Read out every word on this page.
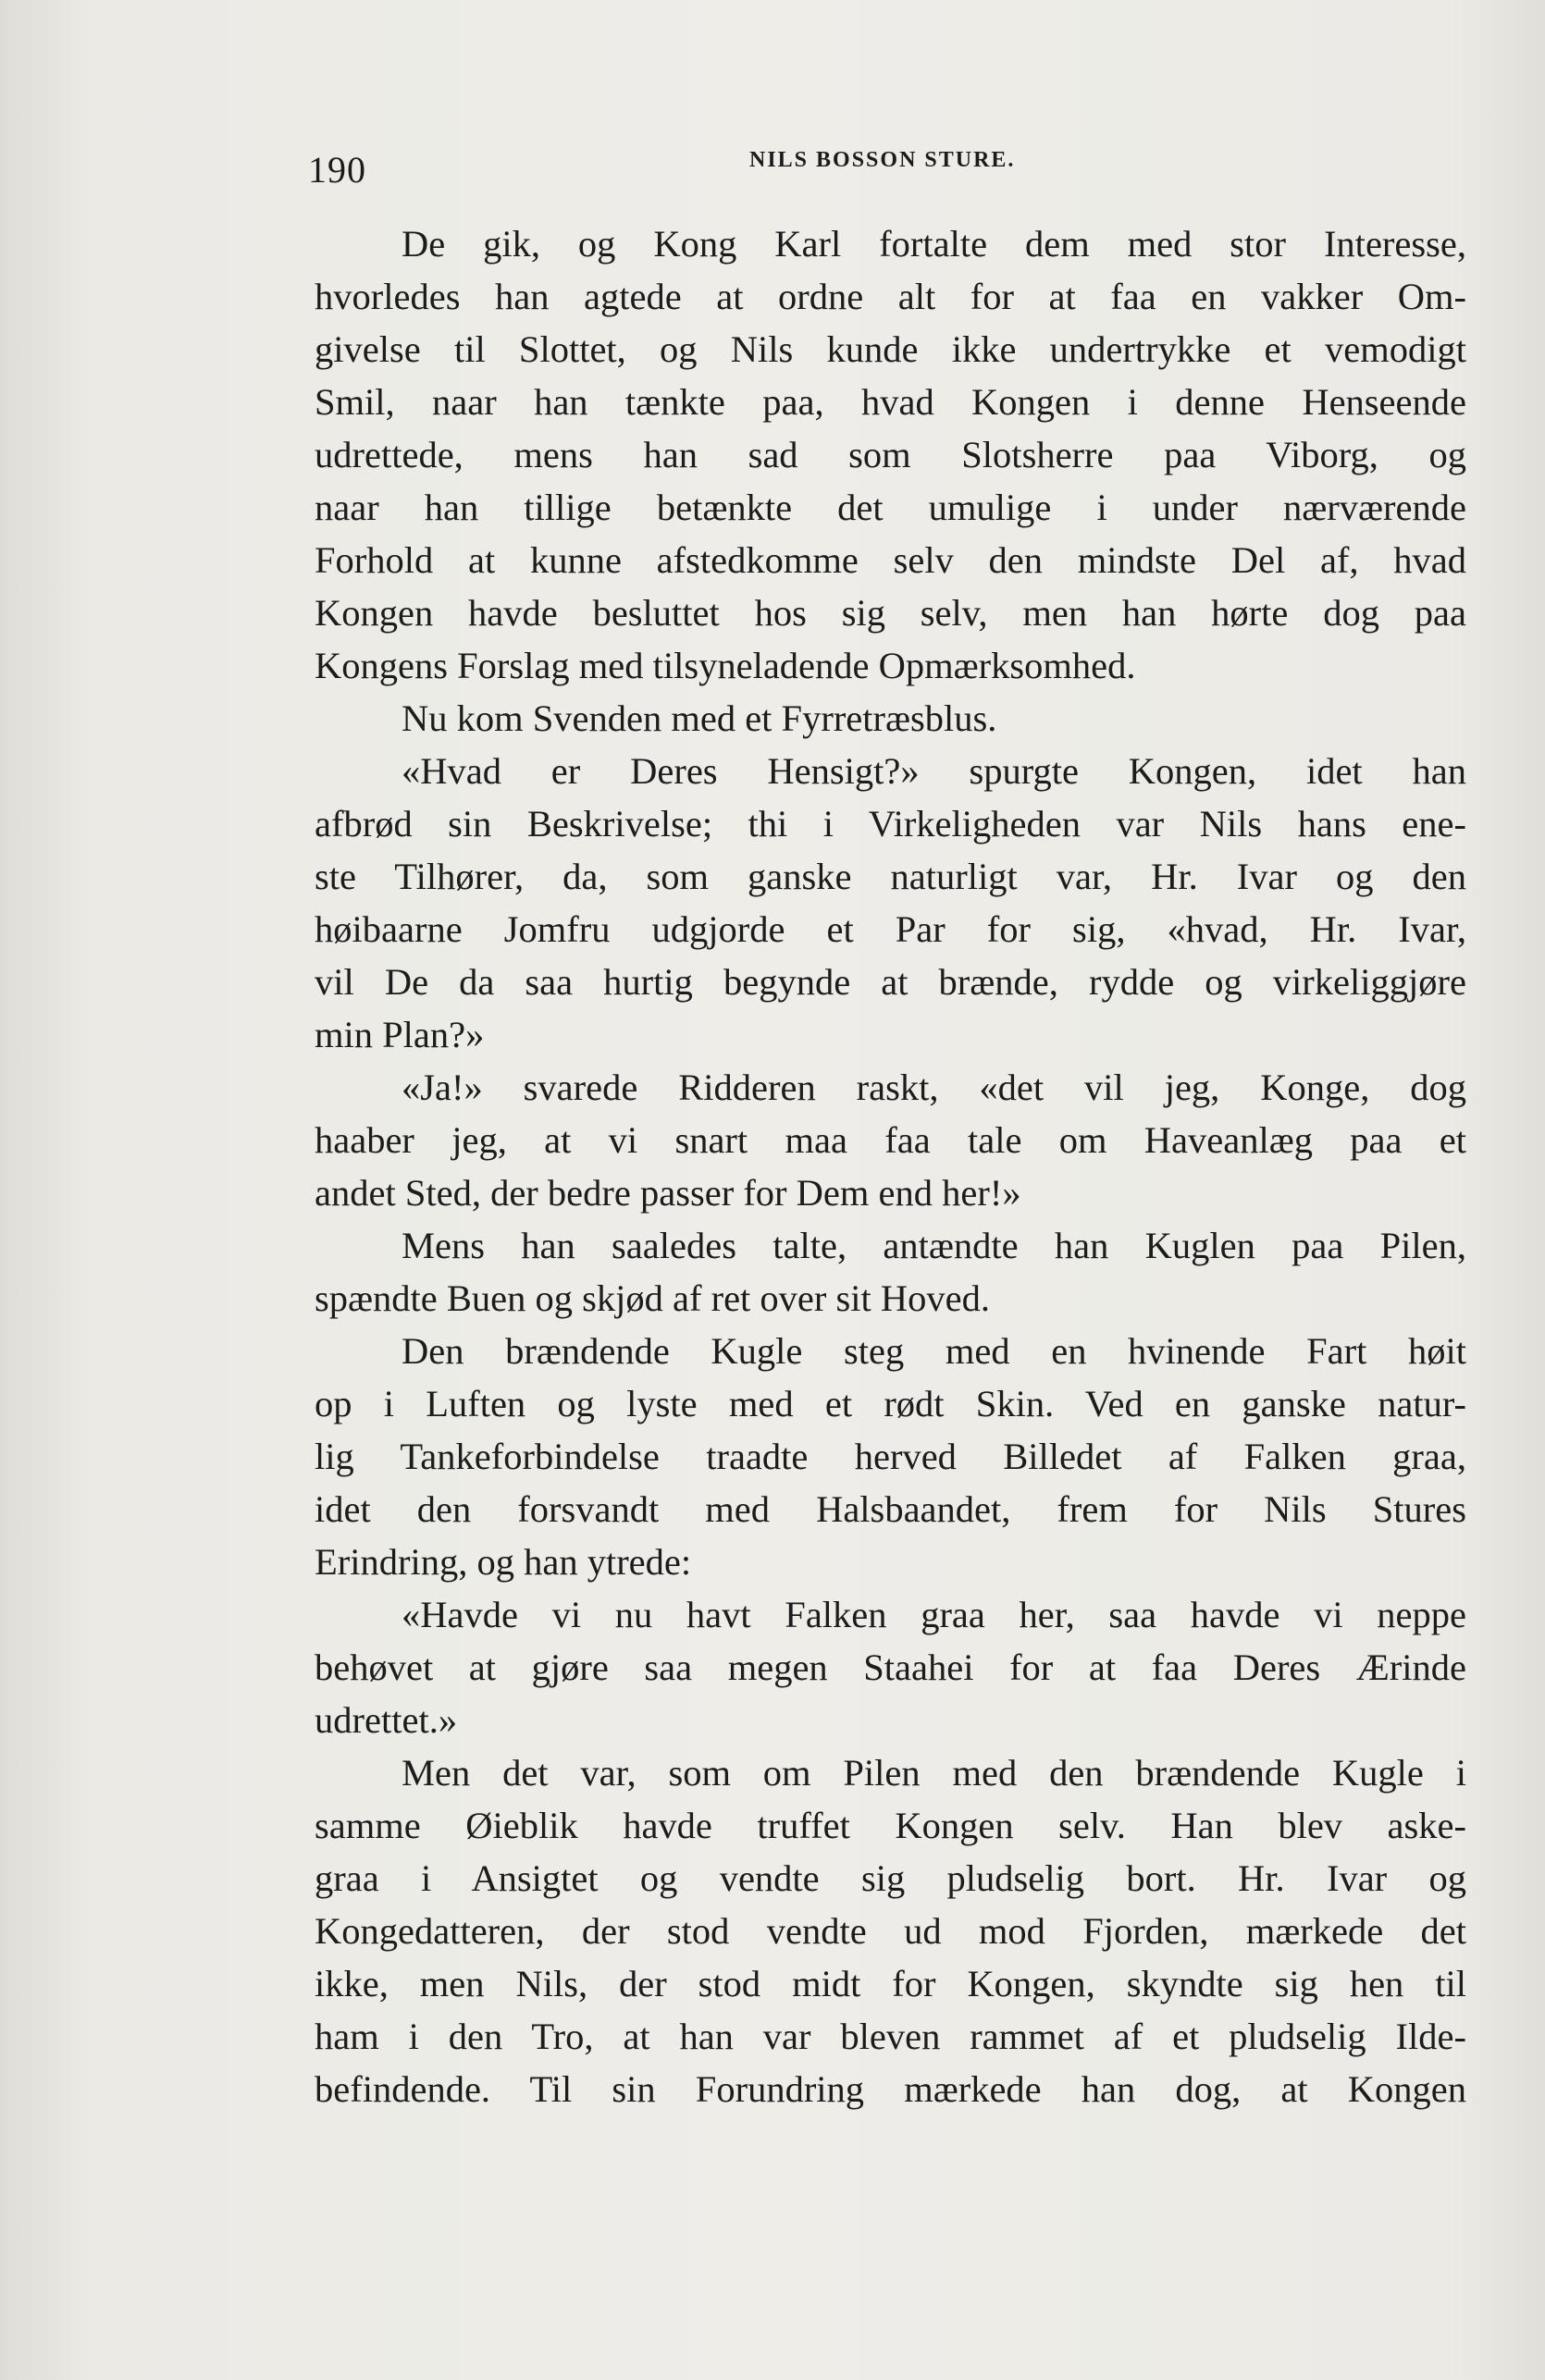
190	NILS BOSSON STURE.
De gik, og Kong Karl fortalte dem med stor Interesse,
hvorledes han agtede at ordne alt for at faa en vakker Om-
givelse til Slottet, og Nils kunde ikke undertrykke et vemodigt
Smil, naar han tænkte paa, hvad Kongen i denne Henseende
udrettede, mens han sad som Slotsherre paa Viborg, og
naar han tillige betænkte det umulige i under nærværende
Forhold at kunne afstedkomme selv den mindste Del af, hvad
Kongen havde besluttet hos sig selv, men han hørte dog paa
Kongens Forslag med tilsyneladende Opmærksomhed.
Nu kom Svenden med et Fyrretræsblus.
«Hvad er Deres Hensigt?» spurgte Kongen, idet han
afbrød sin Beskrivelse; thi i Virkeligheden var Nils hans ene-
ste Tilhører, da, som ganske naturligt var, Hr. Ivar og den
høibaarne Jomfru udgjorde et Par for sig, «hvad, Hr. Ivar,
vil De da saa hurtig begynde at brænde, rydde og virkeliggjøre
min Plan?»
«Ja!» svarede Ridderen raskt, «det vil jeg, Konge, dog
haaber jeg, at vi snart maa faa tale om Haveanlæg paa et
andet Sted, der bedre passer for Dem end her!»
Mens han saaledes talte, antændte han Kuglen paa Pilen,
spændte Buen og skjød af ret over sit Hoved.
Den brændende Kugle steg med en hvinende Fart høit
op i Luften og lyste med et rødt Skin. Ved en ganske natur-
lig Tankeforbindelse traadte herved Billedet af Falken graa,
idet den forsvandt med Halsbaandet, frem for Nils Stures
Erindring, og han ytrede:
«Havde vi nu havt Falken graa her, saa havde vi neppe
behøvet at gjøre saa megen Staahei for at faa Deres Ærinde
udrettet.»
Men det var, som om Pilen med den brændende Kugle i
samme Øieblik havde truffet Kongen selv. Han blev aske-
graa i Ansigtet og vendte sig pludselig bort. Hr. Ivar og
Kongedatteren, der stod vendte ud mod Fjorden, mærkede det
ikke, men Nils, der stod midt for Kongen, skyndte sig hen til
ham i den Tro, at han var bleven rammet af et pludselig Ilde-
befindende. Til sin Forundring mærkede han dog, at Kongen
